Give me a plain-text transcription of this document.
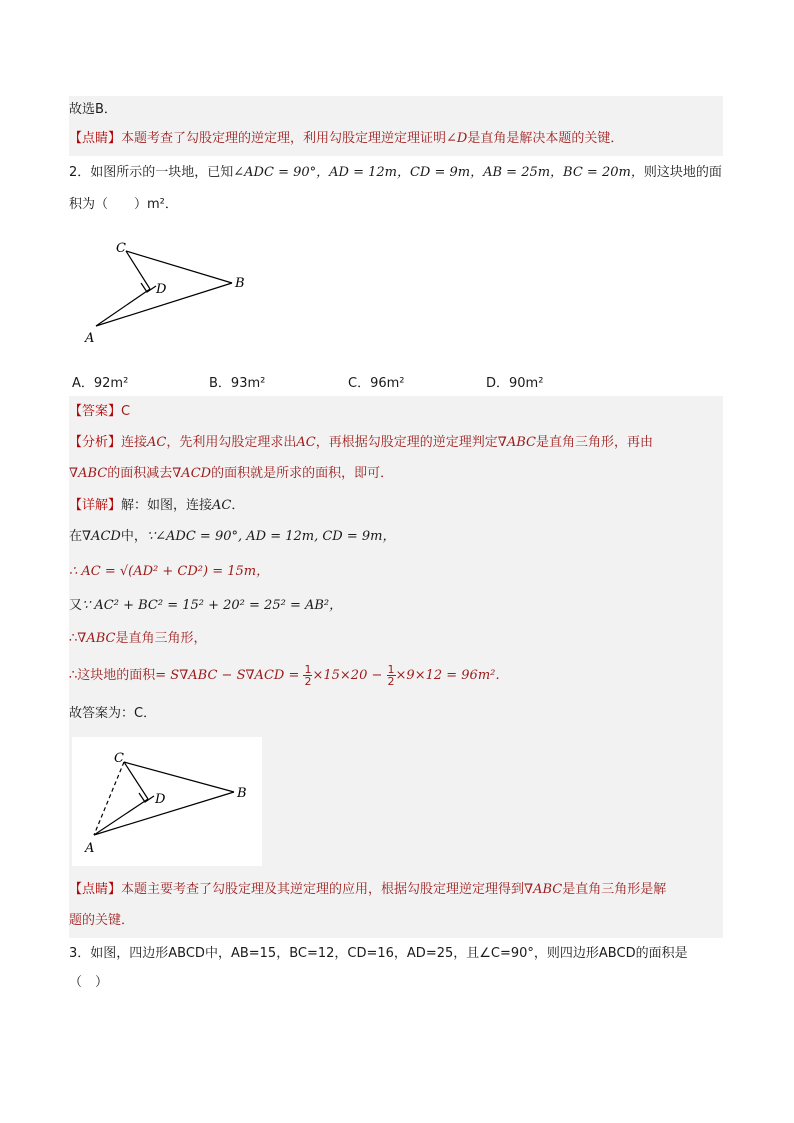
故选B．
【点睛】本题考查了勾股定理的逆定理，利用勾股定理逆定理证明∠D是直角是解决本题的关键．
2．如图所示的一块地，已知∠ADC = 90°，AD = 12m，CD = 9m，AB = 25m，BC = 20m，则这块地的面
积为（　　）m²．
C
D	B
A
A．92m²	B．93m²	C．96m²	D．90m²
【答案】C
【分析】连接AC，先利用勾股定理求出AC，再根据勾股定理的逆定理判定∇ABC是直角三角形，再由
∇ABC的面积减去∇ACD的面积就是所求的面积，即可．
【详解】解：如图，连接AC．
在∇ACD中，∵∠ADC = 90°, AD = 12m, CD = 9m，
∴ AC = √(AD² + CD²) = 15m，
又∵ AC² + BC² = 15² + 20² = 25² = AB²，
∴∇ABC是直角三角形，
∴这块地的面积= $S\nabla ABC - S\nabla ACD = \frac{1}{2} \times 15\times 20 - \frac{1}{2} \times 9\times 12 = 96m^2$．
故答案为：C．
C
D	B
A
【点睛】本题主要考查了勾股定理及其逆定理的应用，根据勾股定理逆定理得到∇ABC是直角三角形是解
题的关键．
3．如图，四边形ABCD中，AB=15，BC=12，CD=16，AD=25，且∠C=90°，则四边形ABCD的面积是
（　）
